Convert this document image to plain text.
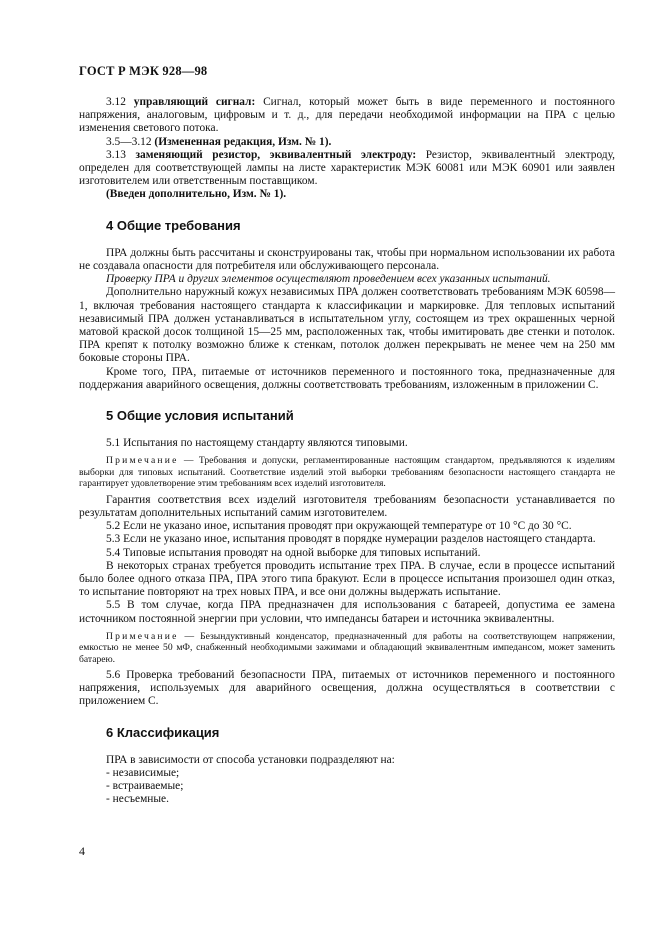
ГОСТ Р МЭК 928—98

3.12 управляющий сигнал: Сигнал, который может быть в виде переменного и постоянного напряжения, аналоговым, цифровым и т. д., для передачи необходимой информации на ПРА с целью изменения светового потока.

3.5—3.12 (Измененная редакция, Изм. № 1).

3.13 заменяющий резистор, эквивалентный электроду: Резистор, эквивалентный электроду, определен для соответствующей лампы на листе характеристик МЭК 60081 или МЭК 60901 или заявлен изготовителем или ответственным поставщиком.

(Введен дополнительно, Изм. № 1).

4 Общие требования

ПРА должны быть рассчитаны и сконструированы так, чтобы при нормальном использовании их работа не создавала опасности для потребителя или обслуживающего персонала.

Проверку ПРА и других элементов осуществляют проведением всех указанных испытаний.

Дополнительно наружный кожух независимых ПРА должен соответствовать требованиям МЭК 60598—1, включая требования настоящего стандарта к классификации и маркировке. Для тепловых испытаний независимый ПРА должен устанавливаться в испытательном углу, состоящем из трех окрашенных черной матовой краской досок толщиной 15—25 мм, расположенных так, чтобы имитировать две стенки и потолок. ПРА крепят к потолку возможно ближе к стенкам, потолок должен перекрывать не менее чем на 250 мм боковые стороны ПРА.

Кроме того, ПРА, питаемые от источников переменного и постоянного тока, предназначенные для поддержания аварийного освещения, должны соответствовать требованиям, изложенным в приложении С.

5 Общие условия испытаний

5.1 Испытания по настоящему стандарту являются типовыми.

Примечание — Требования и допуски, регламентированные настоящим стандартом, предъявляются к изделиям выборки для типовых испытаний. Соответствие изделий этой выборки требованиям безопасности настоящего стандарта не гарантирует удовлетворение этим требованиям всех изделий изготовителя.

Гарантия соответствия всех изделий изготовителя требованиям безопасности устанавливается по результатам дополнительных испытаний самим изготовителем.

5.2 Если не указано иное, испытания проводят при окружающей температуре от 10 °С до 30 °С.

5.3 Если не указано иное, испытания проводят в порядке нумерации разделов настоящего стандарта.

5.4 Типовые испытания проводят на одной выборке для типовых испытаний.

В некоторых странах требуется проводить испытание трех ПРА. В случае, если в процессе испытаний было более одного отказа ПРА, ПРА этого типа бракуют. Если в процессе испытания произошел один отказ, то испытание повторяют на трех новых ПРА, и все они должны выдержать испытание.

5.5 В том случае, когда ПРА предназначен для использования с батареей, допустима ее замена источником постоянной энергии при условии, что импедансы батареи и источника эквивалентны.

Примечание — Безындуктивный конденсатор, предназначенный для работы на соответствующем напряжении, емкостью не менее 50 мФ, снабженный необходимыми зажимами и обладающий эквивалентным импедансом, может заменить батарею.

5.6 Проверка требований безопасности ПРА, питаемых от источников переменного и постоянного напряжения, используемых для аварийного освещения, должна осуществляться в соответствии с приложением С.

6 Классификация

ПРА в зависимости от способа установки подразделяют на:

- независимые;

- встраиваемые;

- несъемные.

4
